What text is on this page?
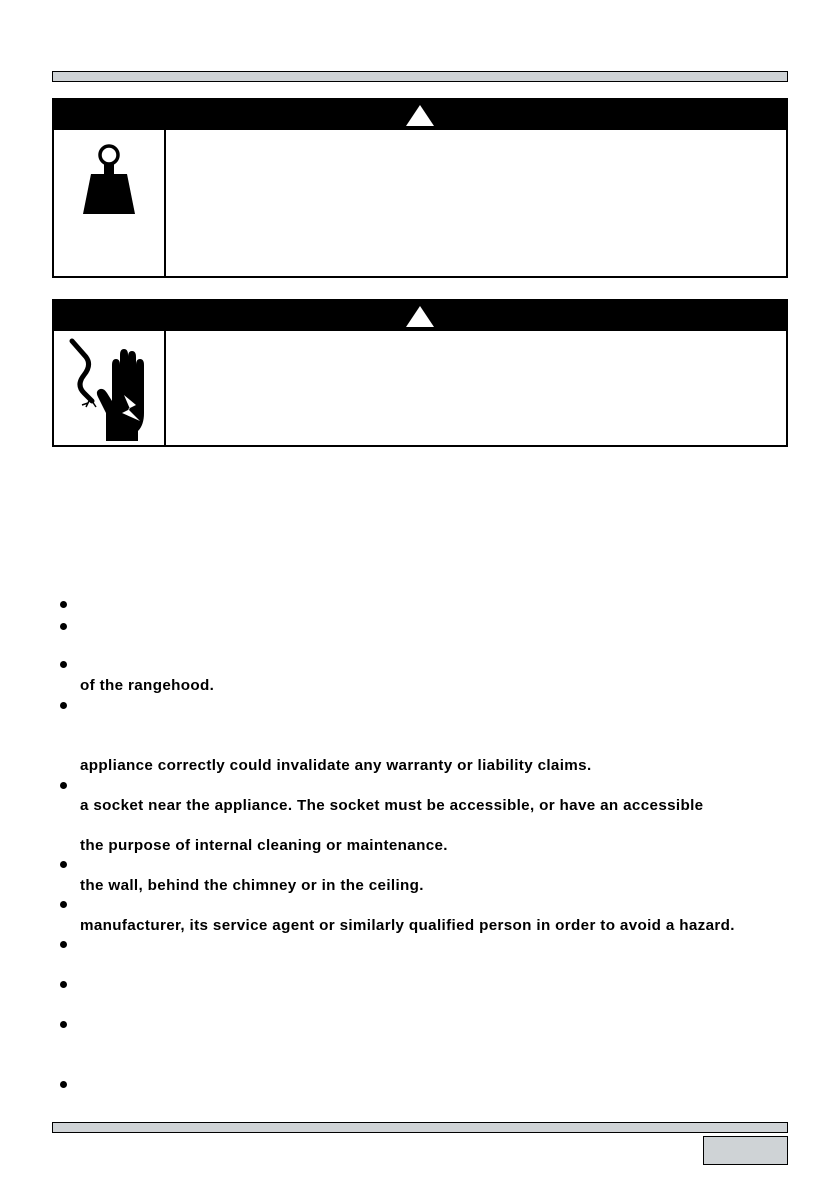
of the rangehood.
appliance correctly could invalidate any warranty or liability claims.
a socket near the appliance. The socket must be accessible, or have an accessible
the purpose of internal cleaning or maintenance.
the wall, behind the chimney or in the ceiling.
manufacturer, its service agent or similarly qualified person in order to avoid a hazard.
